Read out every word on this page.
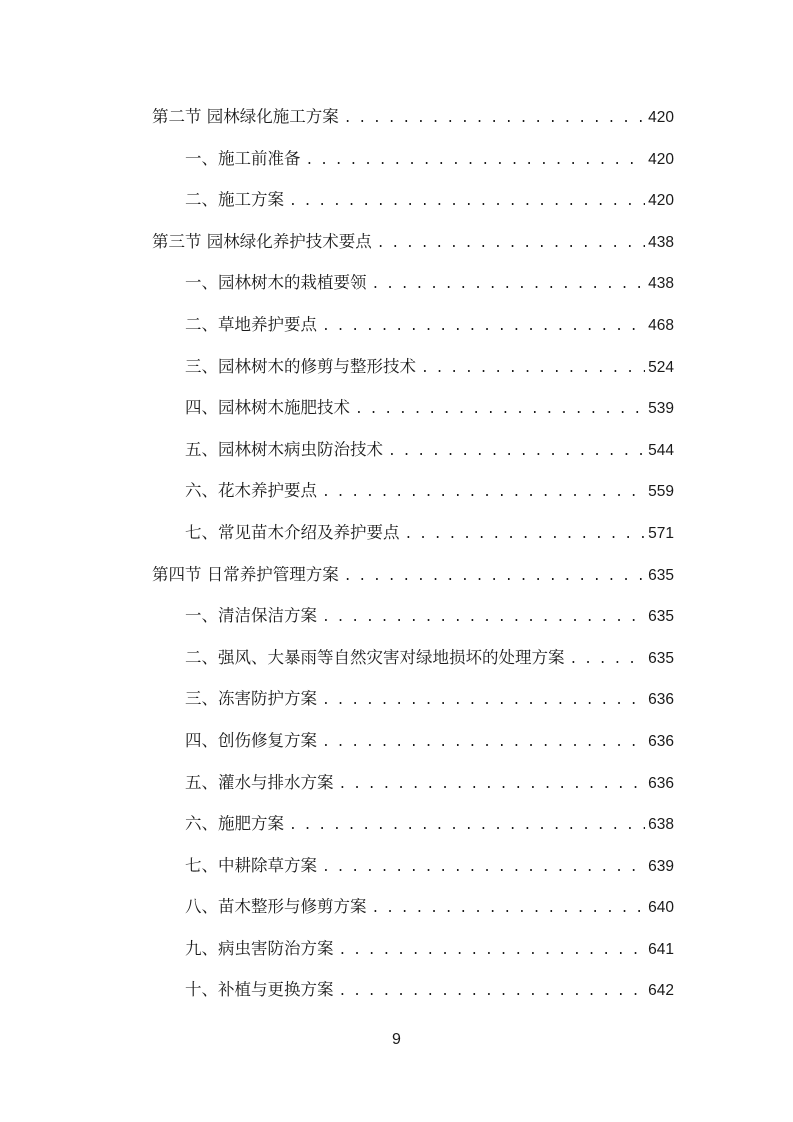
第二节 园林绿化施工方案 . . .	420
一、施工前准备 . . .	420
二、施工方案 . . .	420
第三节 园林绿化养护技术要点 . . .	438
一、园林树木的栽植要领 . . .	438
二、草地养护要点 . . .	468
三、园林树木的修剪与整形技术 . . .	524
四、园林树木施肥技术 . . .	539
五、园林树木病虫防治技术 . . .	544
六、花木养护要点 . . .	559
七、常见苗木介绍及养护要点 . . .	571
第四节 日常养护管理方案 . . .	635
一、清洁保洁方案 . . .	635
二、强风、大暴雨等自然灾害对绿地损坏的处理方案 . . .	635
三、冻害防护方案 . . .	636
四、创伤修复方案 . . .	636
五、灌水与排水方案 . . .	636
六、施肥方案 . . .	638
七、中耕除草方案 . . .	639
八、苗木整形与修剪方案 . . .	640
九、病虫害防治方案 . . .	641
十、补植与更换方案 . . .	642
9
